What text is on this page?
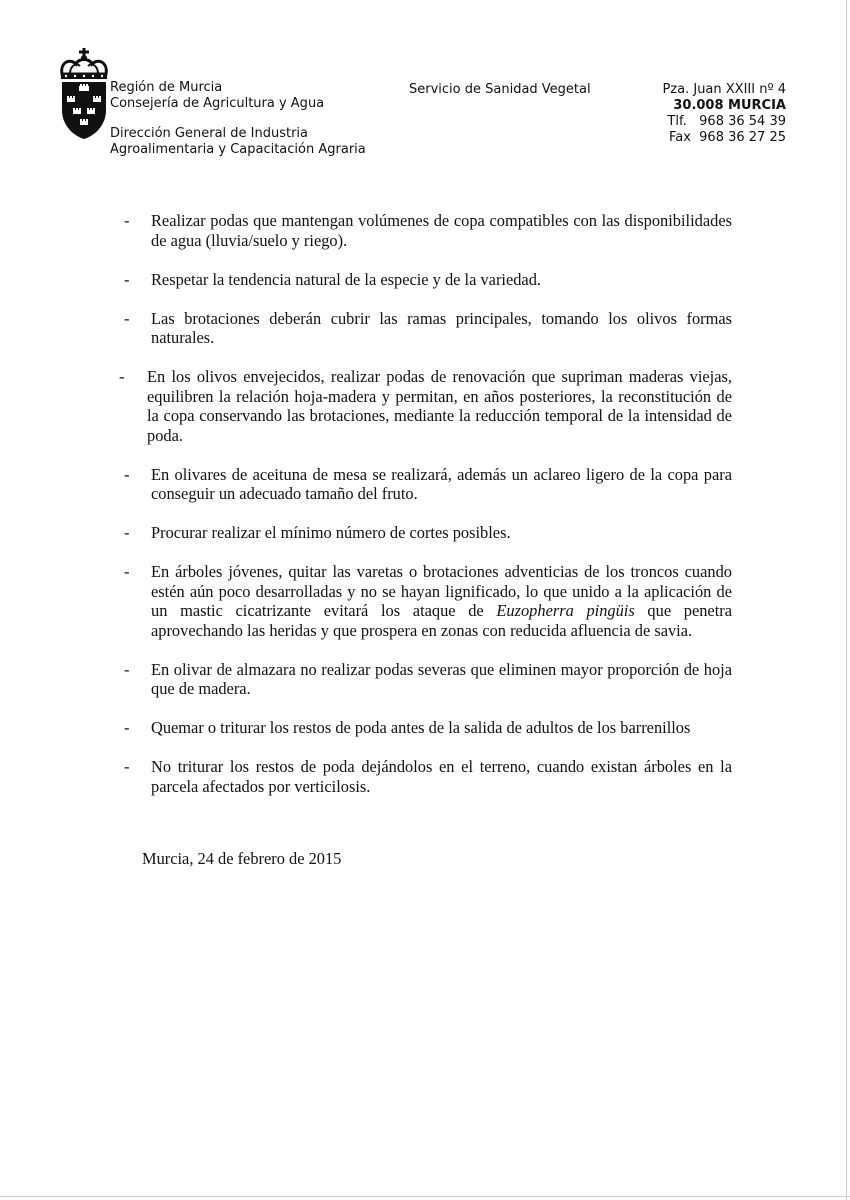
Región de Murcia
Consejería de Agricultura y Agua
Dirección General de Industria
Agroalimentaria y Capacitación Agraria
Servicio de Sanidad Vegetal	Pza. Juan XXIII nº 4
30.008 MURCIA
Tlf. 968 36 54 39
Fax 968 36 27 25
- Realizar podas que mantengan volúmenes de copa compatibles con las disponibilidades de agua (lluvia/suelo y riego).
- Respetar la tendencia natural de la especie y de la variedad.
- Las brotaciones deberán cubrir las ramas principales, tomando los olivos formas naturales.
- En los olivos envejecidos, realizar podas de renovación que supriman maderas viejas, equilibren la relación hoja-madera y permitan, en años posteriores, la reconstitución de la copa conservando las brotaciones, mediante la reducción temporal de la intensidad de poda.
- En olivares de aceituna de mesa se realizará, además un aclareo ligero de la copa para conseguir un adecuado tamaño del fruto.
- Procurar realizar el mínimo número de cortes posibles.
- En árboles jóvenes, quitar las varetas o brotaciones adventicias de los troncos cuando estén aún poco desarrolladas y no se hayan lignificado, lo que unido a la aplicación de un mastic cicatrizante evitará los ataque de Euzopherra pingüis que penetra aprovechando las heridas y que prospera en zonas con reducida afluencia de savia.
- En olivar de almazara no realizar podas severas que eliminen mayor proporción de hoja que de madera.
- Quemar o triturar los restos de poda antes de la salida de adultos de los barrenillos
- No triturar los restos de poda dejándolos en el terreno, cuando existan árboles en la parcela afectados por verticilosis.

Murcia, 24 de febrero de 2015
